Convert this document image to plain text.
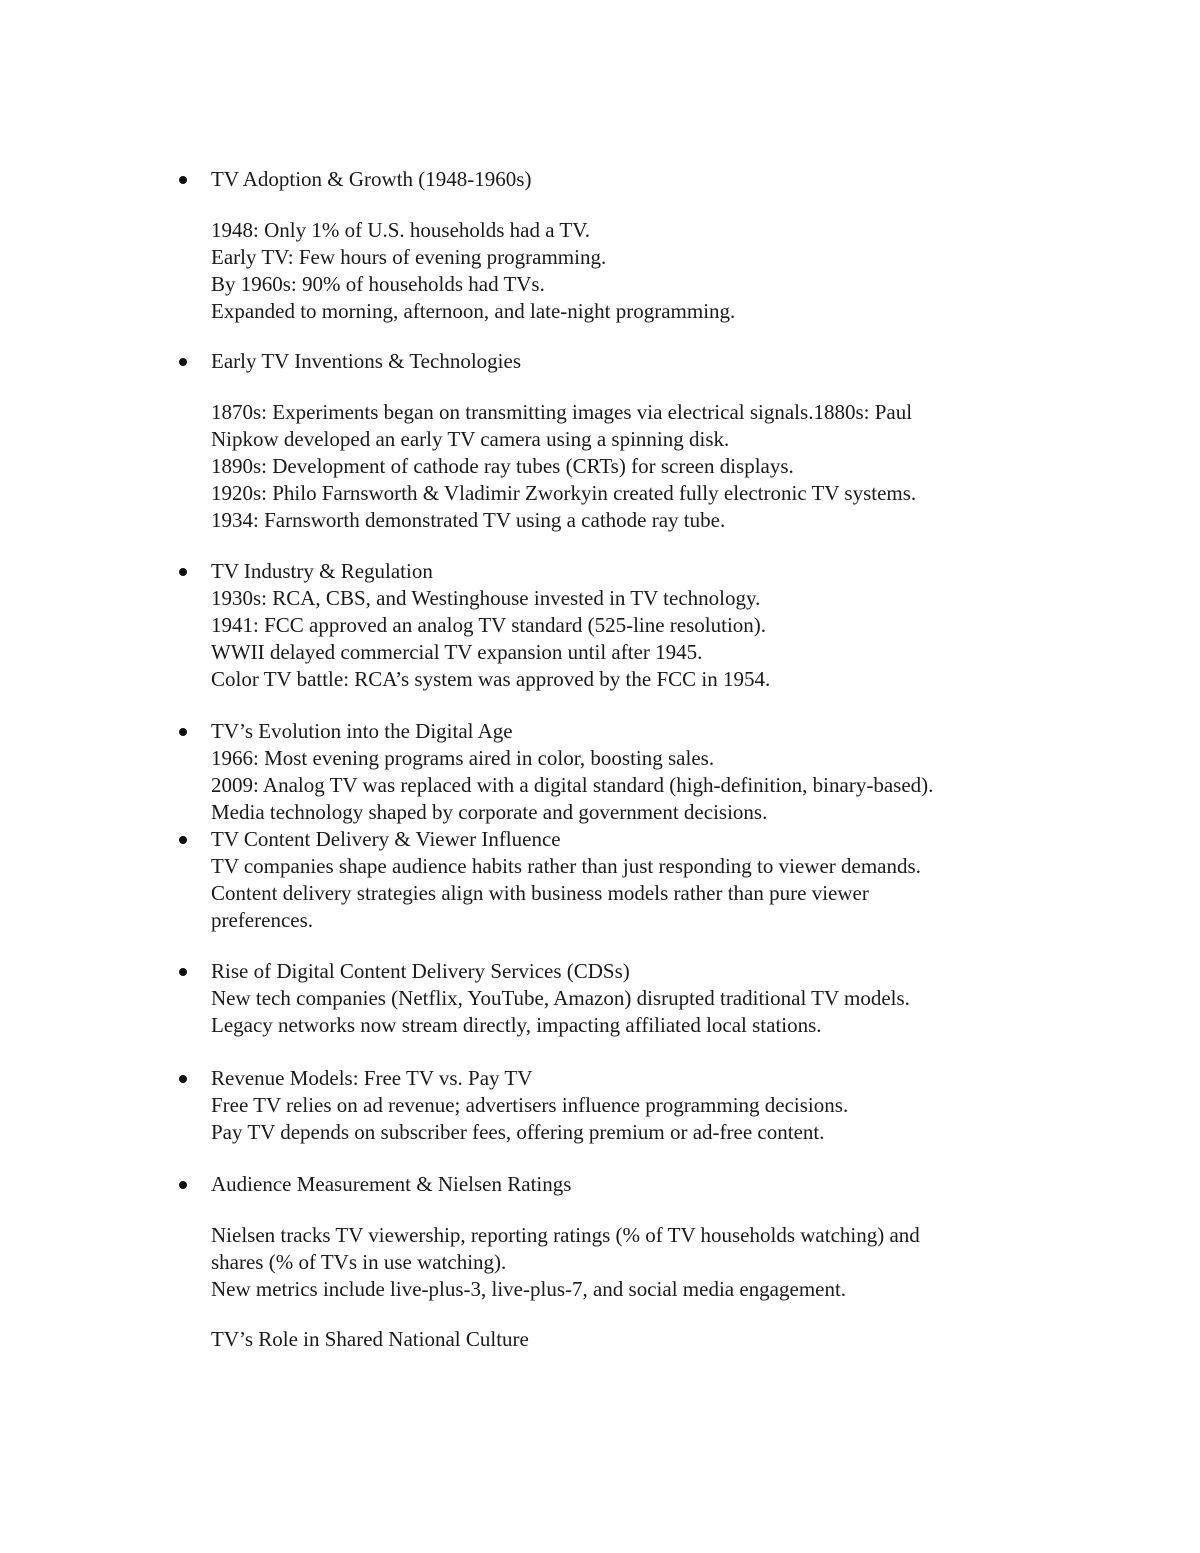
TV Adoption & Growth (1948-1960s)
1948: Only 1% of U.S. households had a TV.
Early TV: Few hours of evening programming.
By 1960s: 90% of households had TVs.
Expanded to morning, afternoon, and late-night programming.
Early TV Inventions & Technologies
1870s: Experiments began on transmitting images via electrical signals.1880s: Paul
Nipkow developed an early TV camera using a spinning disk.
1890s: Development of cathode ray tubes (CRTs) for screen displays.
1920s: Philo Farnsworth & Vladimir Zworkyin created fully electronic TV systems.
1934: Farnsworth demonstrated TV using a cathode ray tube.
TV Industry & Regulation
1930s: RCA, CBS, and Westinghouse invested in TV technology.
1941: FCC approved an analog TV standard (525-line resolution).
WWII delayed commercial TV expansion until after 1945.
Color TV battle: RCA’s system was approved by the FCC in 1954.
TV’s Evolution into the Digital Age
1966: Most evening programs aired in color, boosting sales.
2009: Analog TV was replaced with a digital standard (high-definition, binary-based).
Media technology shaped by corporate and government decisions.
TV Content Delivery & Viewer Influence
TV companies shape audience habits rather than just responding to viewer demands.
Content delivery strategies align with business models rather than pure viewer
preferences.
Rise of Digital Content Delivery Services (CDSs)
New tech companies (Netflix, YouTube, Amazon) disrupted traditional TV models.
Legacy networks now stream directly, impacting affiliated local stations.
Revenue Models: Free TV vs. Pay TV
Free TV relies on ad revenue; advertisers influence programming decisions.
Pay TV depends on subscriber fees, offering premium or ad-free content.
Audience Measurement & Nielsen Ratings
Nielsen tracks TV viewership, reporting ratings (% of TV households watching) and
shares (% of TVs in use watching).
New metrics include live-plus-3, live-plus-7, and social media engagement.
TV’s Role in Shared National Culture
